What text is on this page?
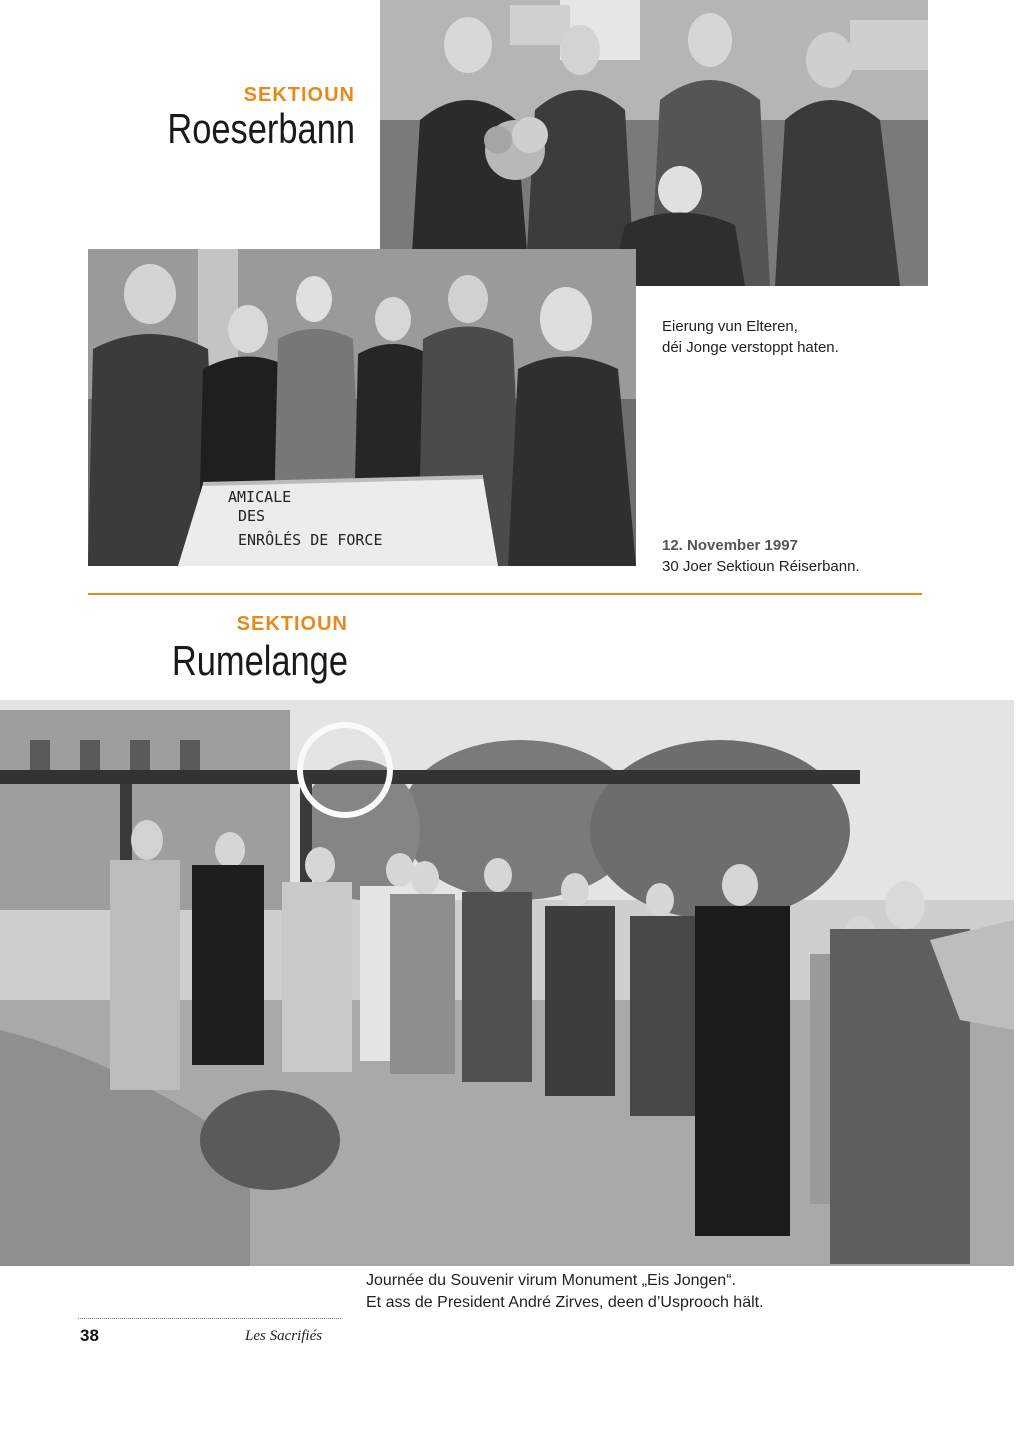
SEKTIOUN
Roeserbann
AMICALE
DES
ENRÔLÉS DE FORCE
Eierung vun Elteren,
déi Jonge verstoppt haten.
12. November 1997
30 Joer Sektioun Réiserbann.
SEKTIOUN
Rumelange
Journée du Souvenir virum Monument „Eis Jongen“.
Et ass de President André Zirves, deen d’Usprooch hält.
38	Les Sacrifiés
